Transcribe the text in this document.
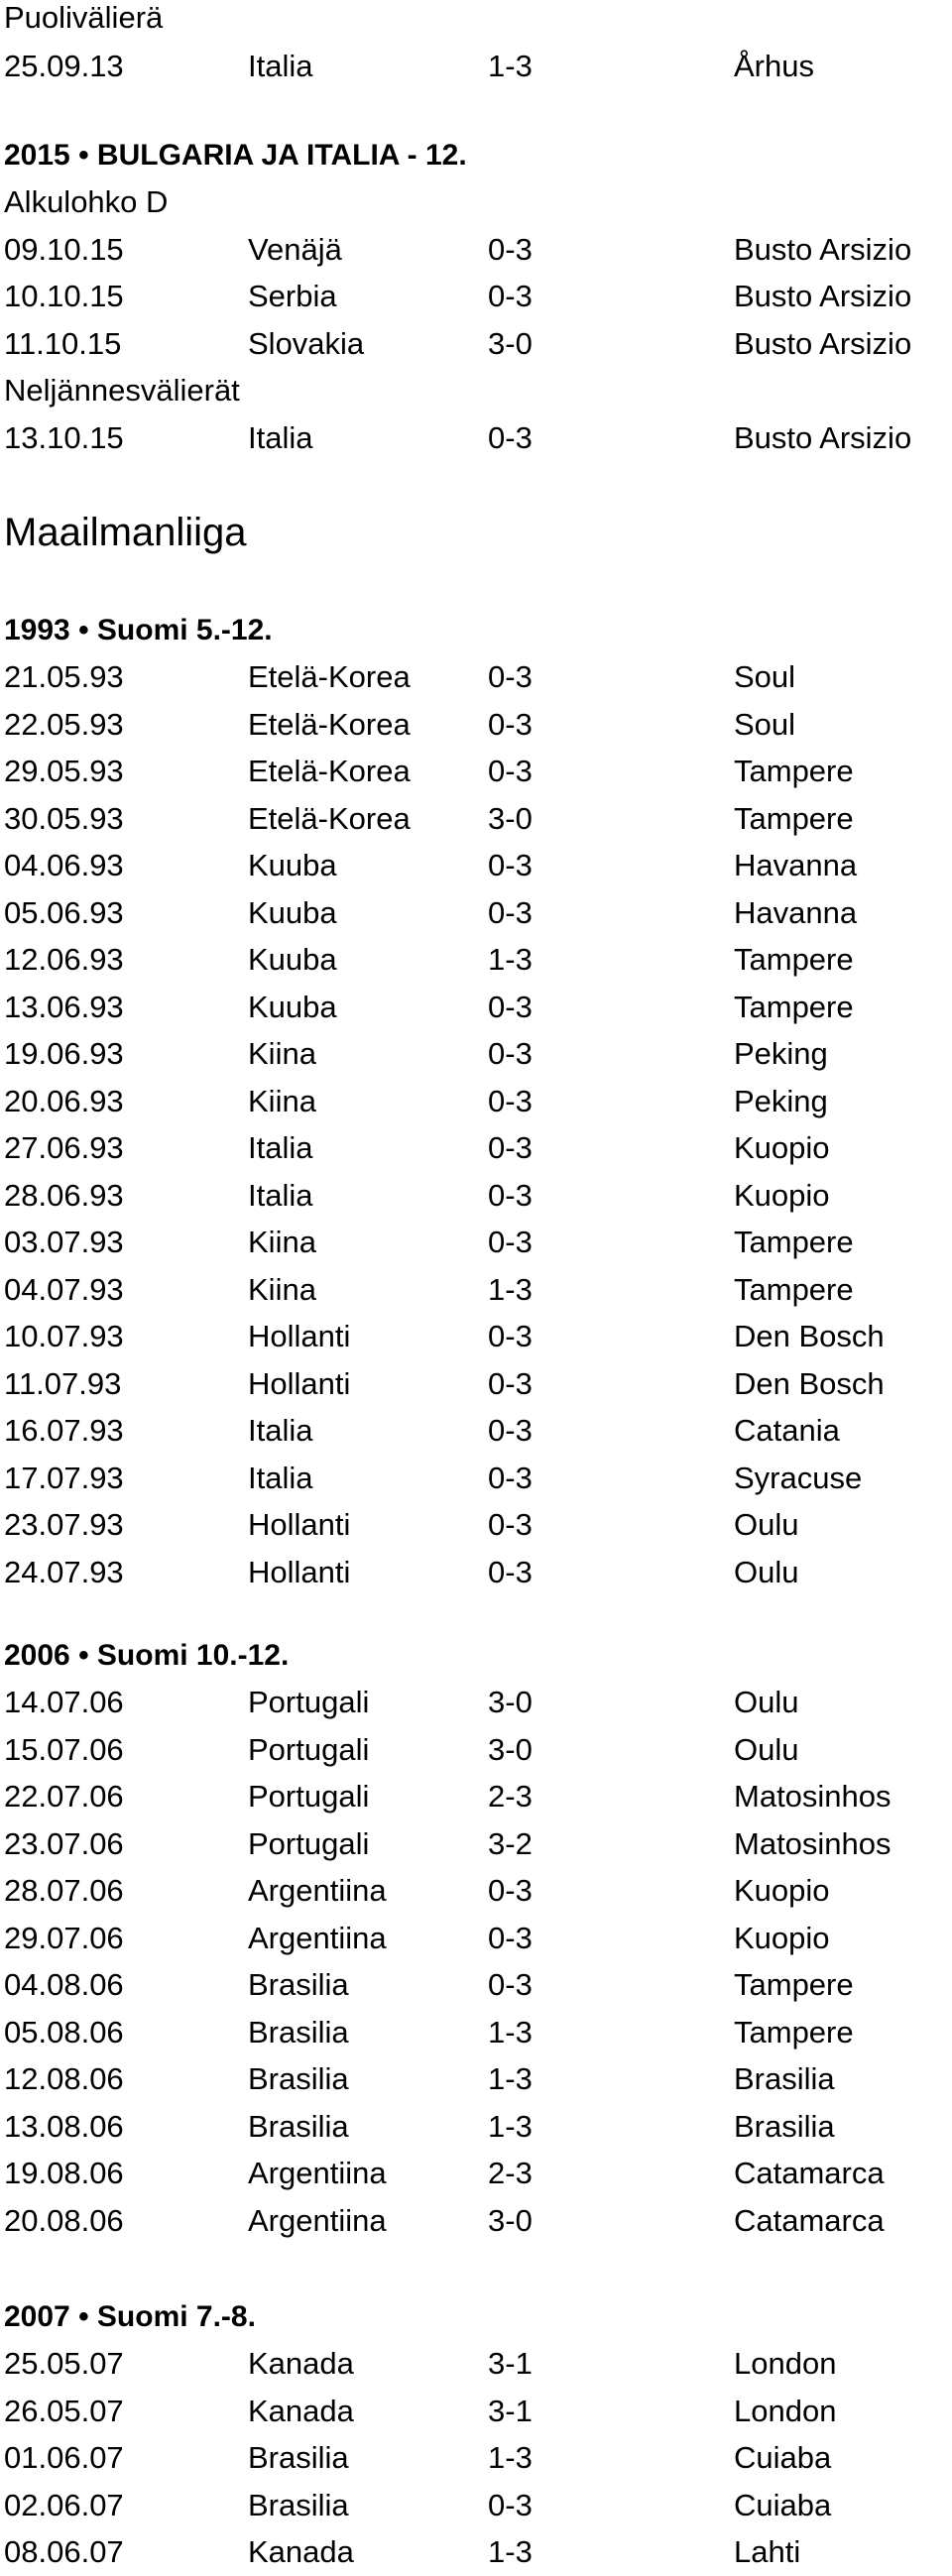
Puolivälierä
25.09.13	Italia	1-3	Århus
2015 • BULGARIA JA ITALIA - 12.
Alkulohko D
09.10.15	Venäjä	0-3	Busto Arsizio
10.10.15	Serbia	0-3	Busto Arsizio
11.10.15	Slovakia	3-0	Busto Arsizio
Neljännesvälierät
13.10.15	Italia	0-3	Busto Arsizio
Maailmanliiga
1993 • Suomi 5.-12.
21.05.93	Etelä-Korea	0-3	Soul
22.05.93	Etelä-Korea	0-3	Soul
29.05.93	Etelä-Korea	0-3	Tampere
30.05.93	Etelä-Korea	3-0	Tampere
04.06.93	Kuuba	0-3	Havanna
05.06.93	Kuuba	0-3	Havanna
12.06.93	Kuuba	1-3	Tampere
13.06.93	Kuuba	0-3	Tampere
19.06.93	Kiina	0-3	Peking
20.06.93	Kiina	0-3	Peking
27.06.93	Italia	0-3	Kuopio
28.06.93	Italia	0-3	Kuopio
03.07.93	Kiina	0-3	Tampere
04.07.93	Kiina	1-3	Tampere
10.07.93	Hollanti	0-3	Den Bosch
11.07.93	Hollanti	0-3	Den Bosch
16.07.93	Italia	0-3	Catania
17.07.93	Italia	0-3	Syracuse
23.07.93	Hollanti	0-3	Oulu
24.07.93	Hollanti	0-3	Oulu
2006 • Suomi 10.-12.
14.07.06	Portugali	3-0	Oulu
15.07.06	Portugali	3-0	Oulu
22.07.06	Portugali	2-3	Matosinhos
23.07.06	Portugali	3-2	Matosinhos
28.07.06	Argentiina	0-3	Kuopio
29.07.06	Argentiina	0-3	Kuopio
04.08.06	Brasilia	0-3	Tampere
05.08.06	Brasilia	1-3	Tampere
12.08.06	Brasilia	1-3	Brasilia
13.08.06	Brasilia	1-3	Brasilia
19.08.06	Argentiina	2-3	Catamarca
20.08.06	Argentiina	3-0	Catamarca
2007 • Suomi 7.-8.
25.05.07	Kanada	3-1	London
26.05.07	Kanada	3-1	London
01.06.07	Brasilia	1-3	Cuiaba
02.06.07	Brasilia	0-3	Cuiaba
08.06.07	Kanada	1-3	Lahti
